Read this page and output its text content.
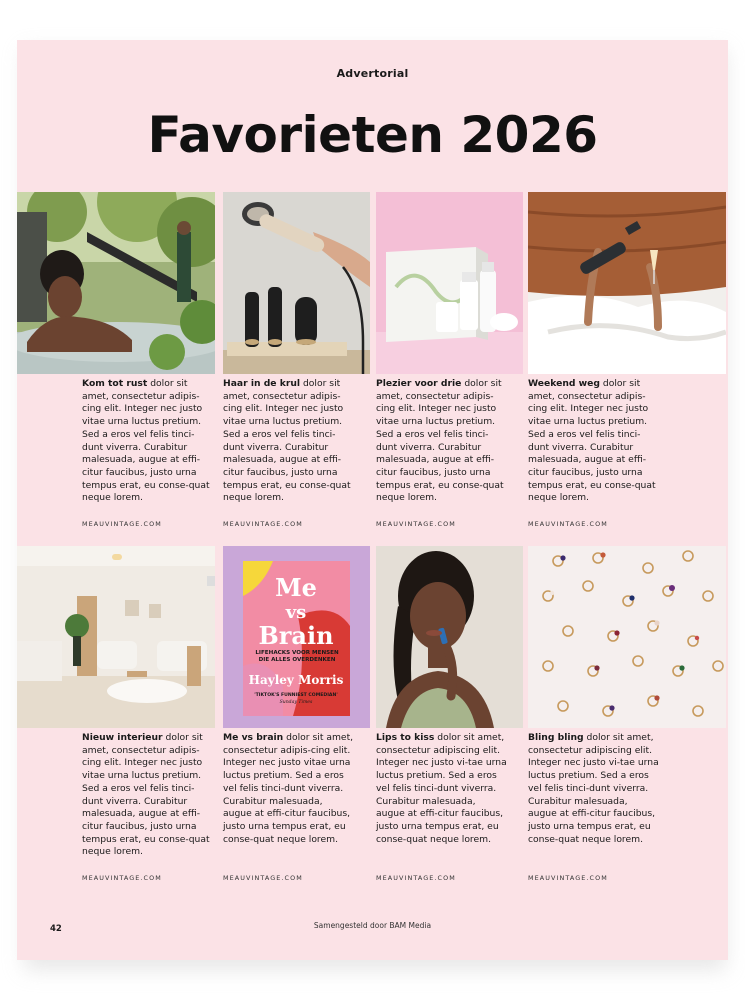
Advertorial
Favorieten 2026
Kom tot rust dolor sit amet, consectetur adipis-cing elit. Integer nec justo vitae urna luctus pretium. Sed a eros vel felis tinci-dunt viverra. Curabitur malesuada, augue at effi-citur faucibus, justo urna tempus erat, eu conse-quat neque lorem.
MEAUVINTAGE.COM
Haar in de krul dolor sit amet, consectetur adipis-cing elit. Integer nec justo vitae urna luctus pretium. Sed a eros vel felis tinci-dunt viverra. Curabitur malesuada, augue at effi-citur faucibus, justo urna tempus erat, eu conse-quat neque lorem.
MEAUVINTAGE.COM
Plezier voor drie dolor sit amet, consectetur adipis-cing elit. Integer nec justo vitae urna luctus pretium. Sed a eros vel felis tinci-dunt viverra. Curabitur malesuada, augue at effi-citur faucibus, justo urna tempus erat, eu conse-quat neque lorem.
MEAUVINTAGE.COM
Weekend weg dolor sit amet, consectetur adipis-cing elit. Integer nec justo vitae urna luctus pretium. Sed a eros vel felis tinci-dunt viverra. Curabitur malesuada, augue at effi-citur faucibus, justo urna tempus erat, eu conse-quat neque lorem.
MEAUVINTAGE.COM
Nieuw interieur dolor sit amet, consectetur adipis-cing elit. Integer nec justo vitae urna luctus pretium. Sed a eros vel felis tinci-dunt viverra. Curabitur malesuada, augue at effi-citur faucibus, justo urna tempus erat, eu conse-quat neque lorem.
MEAUVINTAGE.COM
Me
vs
Brain
LIFEHACKS VOOR MENSEN DIE ALLES OVERDENKEN
Hayley Morris
'TIKTOK'S FUNNIEST COMEDIAN'
Sunday Times
Me vs brain dolor sit amet, consectetur adipis-cing elit. Integer nec justo vitae urna luctus pretium. Sed a eros vel felis tinci-dunt viverra. Curabitur malesuada, augue at effi-citur faucibus, justo urna tempus erat, eu conse-quat neque lorem.
MEAUVINTAGE.COM
Lips to kiss dolor sit amet, consectetur adipiscing elit. Integer nec justo vi-tae urna luctus pretium. Sed a eros vel felis tinci-dunt viverra. Curabitur malesuada, augue at effi-citur faucibus, justo urna tempus erat, eu conse-quat neque lorem.
MEAUVINTAGE.COM
Bling bling dolor sit amet, consectetur adipiscing elit. Integer nec justo vi-tae urna luctus pretium. Sed a eros vel felis tinci-dunt viverra. Curabitur malesuada, augue at effi-citur faucibus, justo urna tempus erat, eu conse-quat neque lorem.
MEAUVINTAGE.COM
42	Samengesteld door BAM Media
